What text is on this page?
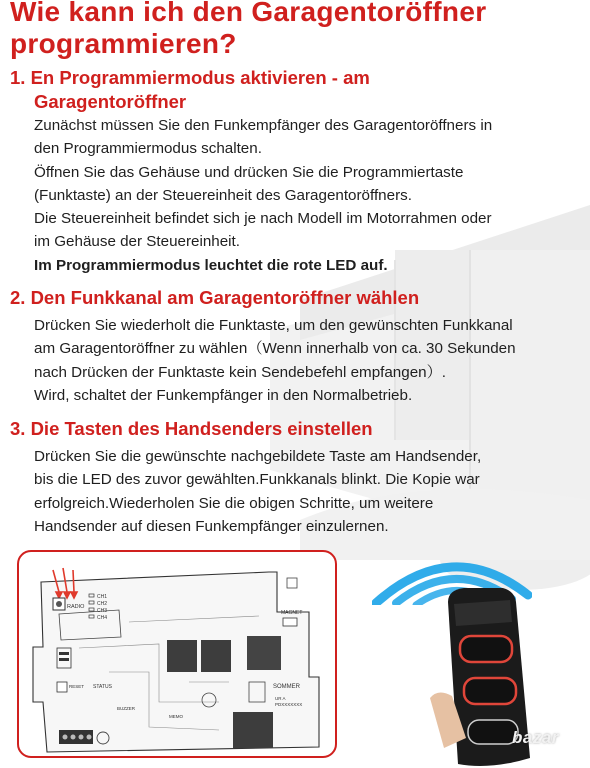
Wie kann ich den Garagentoröffner
programmieren?
1. En Programmiermodus aktivieren - am
Garagentoröffner
Zunächst müssen Sie den Funkempfänger des Garagentoröffners in
den Programmiermodus schalten.
Öffnen Sie das Gehäuse und drücken Sie die Programmiertaste
(Funktaste) an der Steuereinheit des Garagentoröffners.
Die Steuereinheit befindet sich je nach Modell im Motorrahmen oder
im Gehäuse der Steuereinheit.
Im Programmiermodus leuchtet die rote LED auf.
2. Den Funkkanal am Garagentoröffner wählen
Drücken Sie wiederholt die Funktaste, um den gewünschten Funkkanal
am Garagentoröffner zu wählen（Wenn innerhalb von ca. 30 Sekunden
nach Drücken der Funktaste kein Sendebefehl empfangen）.
Wird, schaltet der Funkempfänger in den Normalbetrieb.
3. Die Tasten des Handsenders einstellen
Drücken Sie die gewünschte nachgebildete Taste am Handsender,
bis die LED des zuvor gewählten.Funkkanals blinkt. Die Kopie war
erfolgreich.Wiederholen Sie die obigen Schritte, um weitere
Handsender auf diesen Funkempfänger einzulernen.
RADIO
CH1
CH2
CH3
CH4
MAGNET
RESET STATUS
BUZZER
MEMO
SOMMER
UR A
PDXXXXXXX
bazar
